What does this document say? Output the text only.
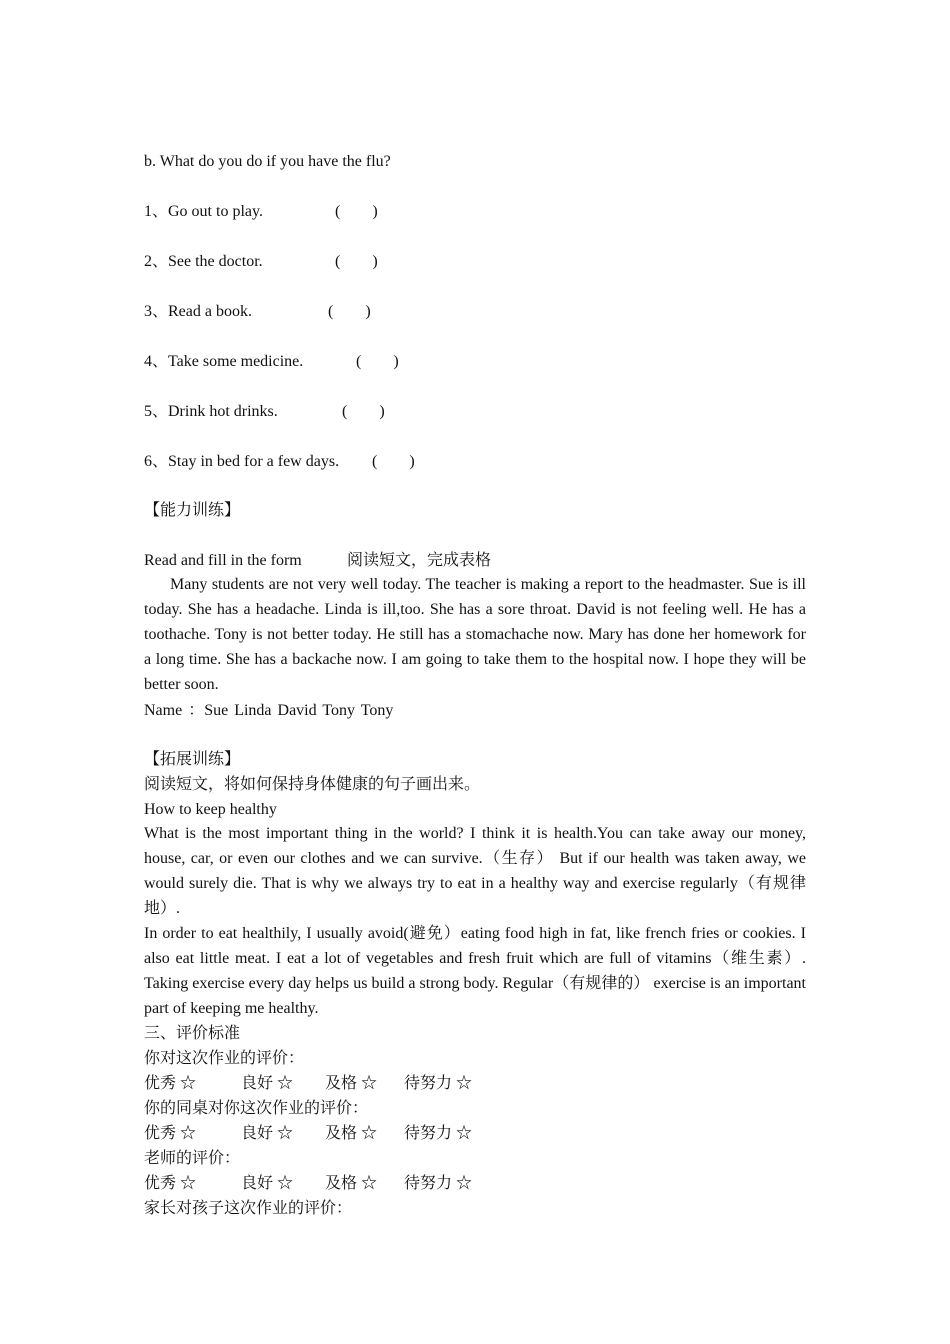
b. What do you do if you have the flu?
1、Go out to play.	(　　)
2、See the doctor.	(　　)
3、Read a book.	(　　)
4、Take some medicine.	(　　)
5、Drink hot drinks.	(　　)
6、Stay in bed for a few days. (　　)
【能力训练】
Read and fill in the form	阅读短文，完成表格
Many students are not very well today. The teacher is making a report to the headmaster. Sue is ill today. She has a headache. Linda is ill,too. She has a sore throat. David is not feeling well. He has a toothache. Tony is not better today. He still has a stomachache now. Mary has done her homework for a long time. She has a backache now. I am going to take them to the hospital now. I hope they will be better soon.
Name ：Sue Linda David Tony Tony
【拓展训练】
阅读短文，将如何保持身体健康的句子画出来。
How to keep healthy
What is the most important thing in the world? I think it is health.You can take away our money, house, car, or even our clothes and we can survive.（生存） But if our health was taken away, we would surely die. That is why we always try to eat in a healthy way and exercise regularly（有规律地）.
In order to eat healthily, I usually avoid(避免）eating food high in fat, like french fries or cookies. I also eat little meat. I eat a lot of vegetables and fresh fruit which are full of vitamins（维生素）. Taking exercise every day helps us build a strong body. Regular（有规律的） exercise is an important part of keeping me healthy.
三、评价标准
你对这次作业的评价：
优秀 ☆	良好 ☆ 及格 ☆ 待努力 ☆
你的同桌对你这次作业的评价：
优秀 ☆	良好 ☆ 及格 ☆ 待努力 ☆
老师的评价：
优秀 ☆	良好 ☆ 及格 ☆ 待努力 ☆
家长对孩子这次作业的评价：
